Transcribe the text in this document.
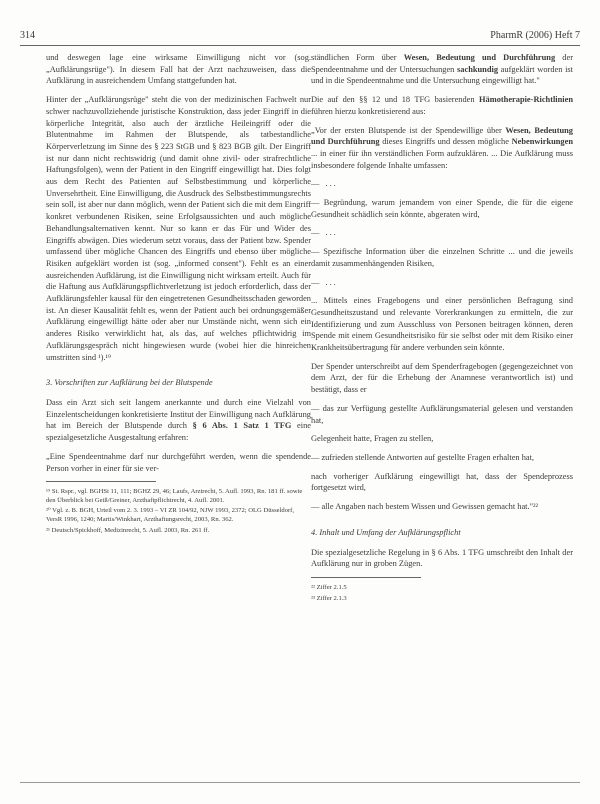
314	PharmR (2006) Heft 7

und deswegen lage eine wirksame Einwilligung nicht vor (sog. „Aufklärungsrüge"). In diesem Fall hat der Arzt nachzuweisen, dass die Aufklärung in ausreichendem Umfang stattgefunden hat.

Hinter der „Aufklärungsrüge" steht die von der medizinischen Fachwelt nur schwer nachzuvollziehende juristische Konstruktion, dass jeder Eingriff in die körperliche Integrität, also auch der ärztliche Heileingriff oder die Blutentnahme im Rahmen der Blutspende, als tatbestandliche Körperverletzung im Sinne des § 223 StGB und § 823 BGB gilt. Der Eingriff ist nur dann nicht rechtswidrig (und damit ohne zivil- oder strafrechtliche Haftungsfolgen), wenn der Patient in den Eingriff eingewilligt hat. Dies folgt aus dem Recht des Patienten auf Selbstbestimmung und körperliche Unversehrtheit. Eine Einwilligung, die Ausdruck des Selbstbestimmungsrechts sein soll, ist aber nur dann möglich, wenn der Patient sich die mit dem Eingriff konkret verbundenen Risiken, seine Erfolgsaussichten und auch mögliche Behandlungsalternativen kennt. Nur so kann er das Für und Wider des Eingriffs abwägen. Dies wiederum setzt voraus, dass der Patient bzw. Spender umfassend über mögliche Chancen des Eingriffs und ebenso über mögliche Risiken aufgeklärt worden ist (sog. „informed consent"). Fehlt es an einer ausreichenden Aufklärung, ist die Einwilligung nicht wirksam erteilt. Auch für die Haftung aus Aufklärungspflichtverletzung ist jedoch erforderlich, dass der Aufklärungsfehler kausal für den eingetretenen Gesundheitsschaden geworden ist. An dieser Kausalität fehlt es, wenn der Patient auch bei ordnungsgemäßer Aufklärung eingewilligt hätte oder aber nur Umstände nicht, wenn sich ein anderes Risiko verwirklicht hat, als das, auf welches pflichtwidrig im Aufklärungsgespräch nicht hingewiesen wurde (wobei hier die hinreichen umstritten sind ¹).¹⁹

3. Vorschriften zur Aufklärung bei der Blutspende

Dass ein Arzt sich seit langem anerkannte und durch eine Vielzahl von Einzelentscheidungen konkretisierte Institut der Einwilligung nach Aufklärung hat im Bereich der Blutspende durch § 6 Abs. 1 Satz 1 TFG eine spezialgesetzliche Ausgestaltung erfahren:

„Eine Spendeentnahme darf nur durchgeführt werden, wenn die spendende Person vorher in einer für sie ver-

¹⁹ St. Rspr., vgl. BGHSt 11, 111; BGHZ 29, 46; Laufs, Arztrecht, 5. Aufl. 1993, Rn. 181 ff. sowie den Überblick bei Geiß/Greiner, Arzthaftpflichtrecht, 4. Aufl. 2001.
²⁰ Vgl. z. B. BGH, Urteil vom 2. 3. 1993 – VI ZR 104/92, NJW 1993, 2372; OLG Düsseldorf, VersR 1996, 1240; Martis/Winkhart, Arzthaftungsrecht, 2003, Rn. 362.
²¹ Deutsch/Spickhoff, Medizinrecht, 5. Aufl. 2003, Rn. 261 ff.

ständlichen Form über Wesen, Bedeutung und Durchführung der Spendeentnahme und der Untersuchungen sachkundig aufgeklärt worden ist und in die Spendeentnahme und die Untersuchung eingewilligt hat."

Die auf den §§ 12 und 18 TFG basierenden Hämotherapie-Richtlinien führen hierzu konkretisierend aus:

„Vor der ersten Blutspende ist der Spendewillige über Wesen, Bedeutung und Durchführung dieses Eingriffs und dessen mögliche Nebenwirkungen ... in einer für ihn verständlichen Form aufzuklären. ... Die Aufklärung muss insbesondere folgende Inhalte umfassen:

— ...
— Begründung, warum jemandem von einer Spende, die für die eigene Gesundheit schädlich sein könnte, abgeraten wird,
— ...
— Spezifische Information über die einzelnen Schritte ... und die jeweils damit zusammenhängenden Risiken,
— ...

... Mittels eines Fragebogens und einer persönlichen Befragung sind Gesundheitszustand und relevante Vorerkrankungen zu ermitteln, die zur Identifizierung und zum Ausschluss von Personen beitragen können, deren Spende mit einem Gesundheitsrisiko für sie selbst oder mit dem Risiko einer Krankheitsübertragung für andere verbunden sein könnte.

Der Spender unterschreibt auf dem Spenderfragebogen (gegengezeichnet von dem Arzt, der für die Erhebung der Anamnese verantwortlich ist) und bestätigt, dass er

— das zur Verfügung gestellte Aufklärungsmaterial gelesen und verstanden hat,
Gelegenheit hatte, Fragen zu stellen,
— zufrieden stellende Antworten auf gestellte Fragen erhalten hat,
nach vorheriger Aufklärung eingewilligt hat, dass der Spendeprozess fortgesetzt wird,
— alle Angaben nach bestem Wissen und Gewissen gemacht hat."²²
4. Inhalt und Umfang der Aufklärungspflicht

Die spezialgesetzliche Regelung in § 6 Abs. 1 TFG umschreibt den Inhalt der Aufklärung nur in groben Zügen.

²² Ziffer 2.1.5
²³ Ziffer 2.1.3
